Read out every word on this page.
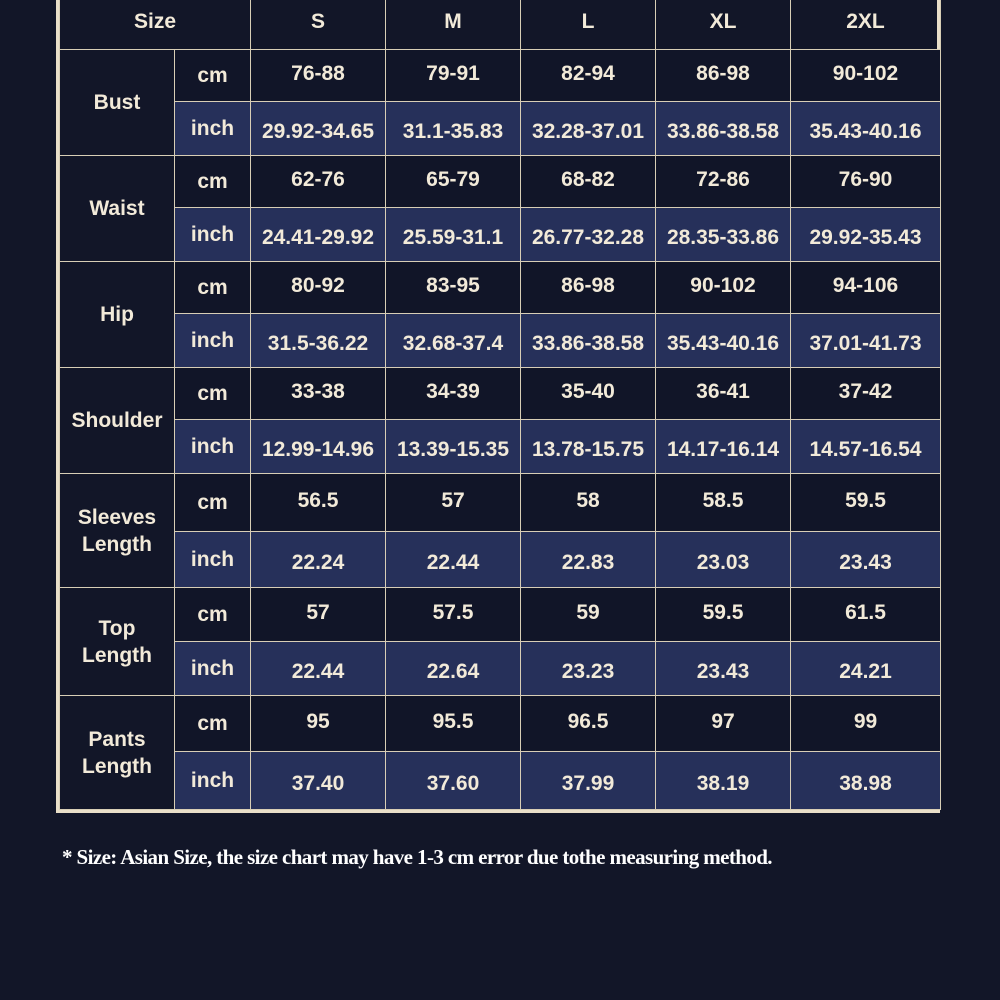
Size		S	M	L	XL	2XL
Bust	cm	76-88	79-91	82-94	86-98	90-102
	inch	29.92-34.65	31.1-35.83	32.28-37.01	33.86-38.58	35.43-40.16
Waist	cm	62-76	65-79	68-82	72-86	76-90
	inch	24.41-29.92	25.59-31.1	26.77-32.28	28.35-33.86	29.92-35.43
Hip	cm	80-92	83-95	86-98	90-102	94-106
	inch	31.5-36.22	32.68-37.4	33.86-38.58	35.43-40.16	37.01-41.73
Shoulder	cm	33-38	34-39	35-40	36-41	37-42
	inch	12.99-14.96	13.39-15.35	13.78-15.75	14.17-16.14	14.57-16.54
Sleeves Length	cm	56.5	57	58	58.5	59.5
	inch	22.24	22.44	22.83	23.03	23.43
Top Length	cm	57	57.5	59	59.5	61.5
	inch	22.44	22.64	23.23	23.43	24.21
Pants Length	cm	95	95.5	96.5	97	99
	inch	37.40	37.60	37.99	38.19	38.98
* Size: Asian Size, the size chart may have 1-3 cm error due tothe measuring method.
